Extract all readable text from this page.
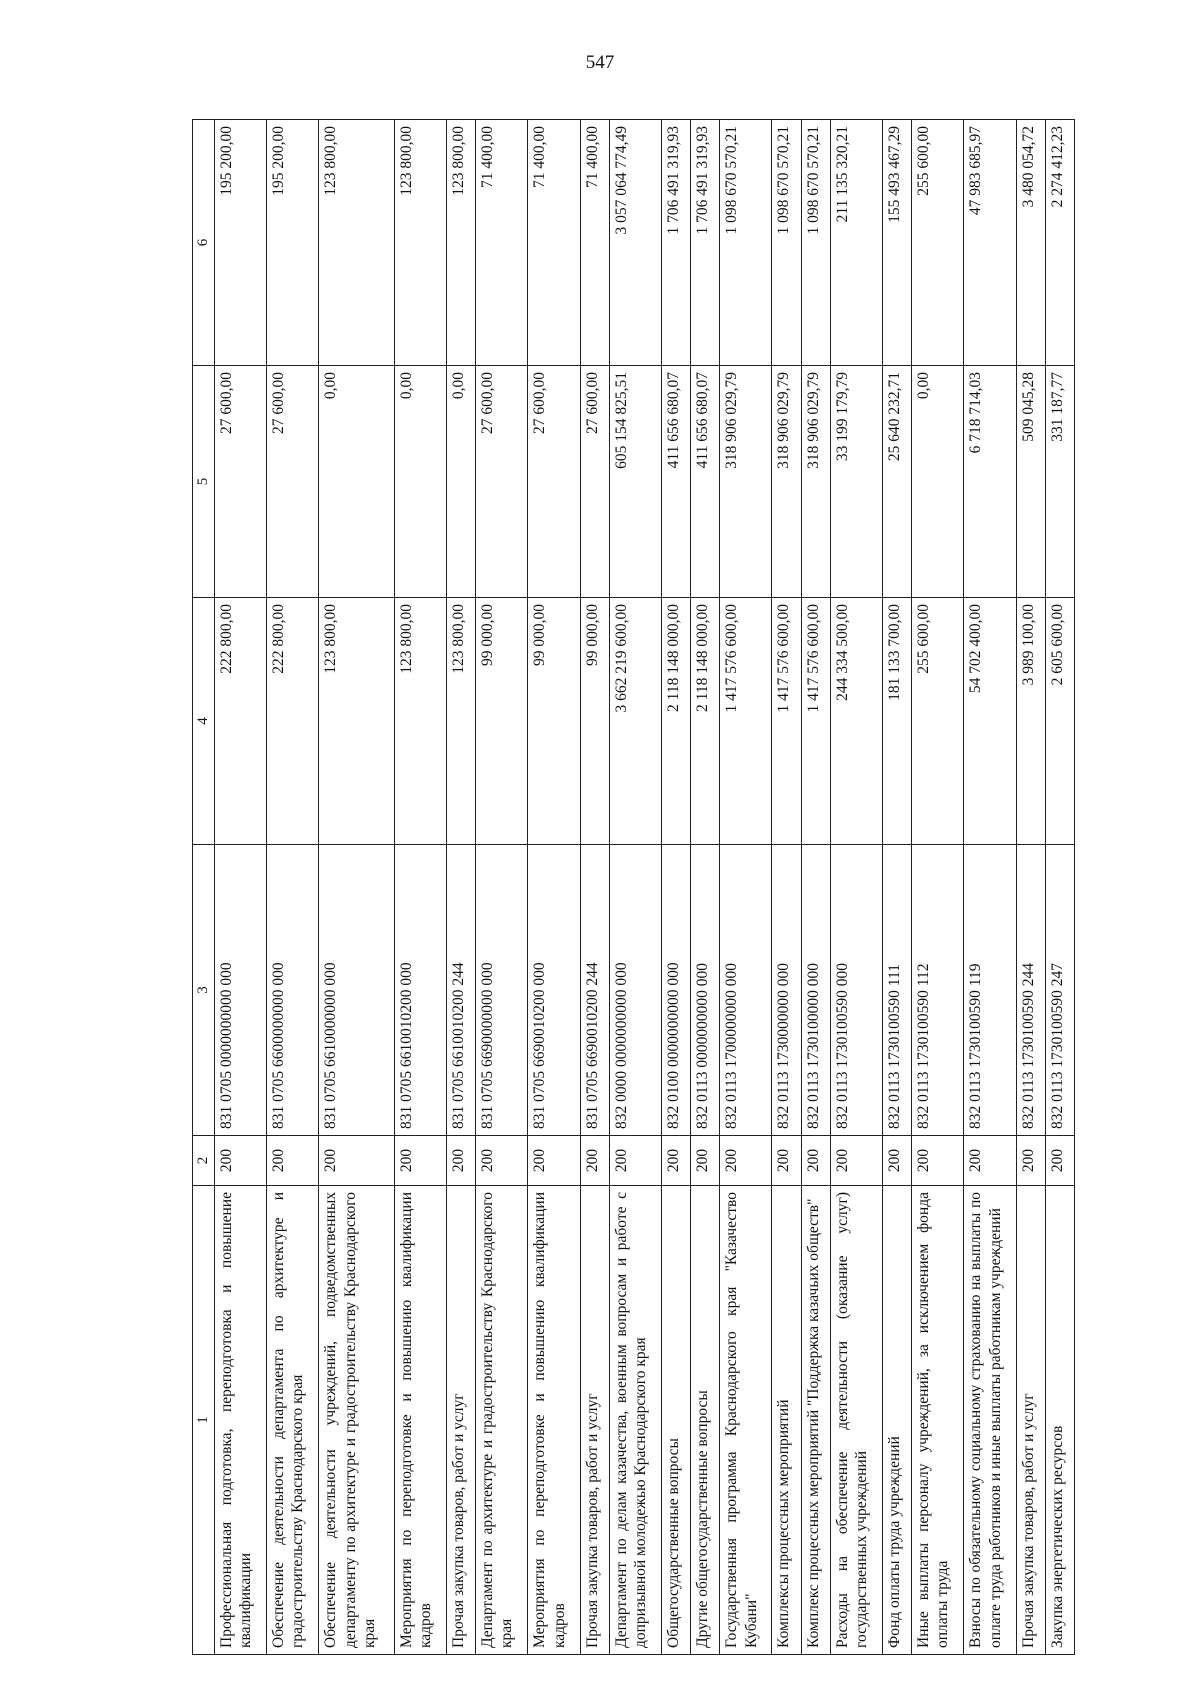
547
1	2	3	4	5	6
Профессиональная подготовка, переподготовка и повышение квалификации	200	831 0705 0000000000 000	222 800,00	27 600,00	195 200,00
Обеспечение деятельности департамента по архитектуре и градостроительству Краснодарского края	200	831 0705 6600000000 000	222 800,00	27 600,00	195 200,00
Обеспечение деятельности учреждений, подведомственных департаменту по архитектуре и градостроительству Краснодарского края	200	831 0705 6610000000 000	123 800,00	0,00	123 800,00
Мероприятия по переподготовке и повышению квалификации кадров	200	831 0705 6610010200 000	123 800,00	0,00	123 800,00
Прочая закупка товаров, работ и услуг	200	831 0705 6610010200 244	123 800,00	0,00	123 800,00
Департамент по архитектуре и градостроительству Краснодарского края	200	831 0705 6690000000 000	99 000,00	27 600,00	71 400,00
Мероприятия по переподготовке и повышению квалификации кадров	200	831 0705 6690010200 000	99 000,00	27 600,00	71 400,00
Прочая закупка товаров, работ и услуг	200	831 0705 6690010200 244	99 000,00	27 600,00	71 400,00
Департамент по делам казачества, военным вопросам и работе с допризывной молодежью Краснодарского края	200	832 0000 0000000000 000	3 662 219 600,00	605 154 825,51	3 057 064 774,49
Общегосударственные вопросы	200	832 0100 0000000000 000	2 118 148 000,00	411 656 680,07	1 706 491 319,93
Другие общегосударственные вопросы	200	832 0113 0000000000 000	2 118 148 000,00	411 656 680,07	1 706 491 319,93
Государственная программа Краснодарского края "Казачество Кубани"	200	832 0113 1700000000 000	1 417 576 600,00	318 906 029,79	1 098 670 570,21
Комплексы процессных мероприятий	200	832 0113 1730000000 000	1 417 576 600,00	318 906 029,79	1 098 670 570,21
Комплекс процессных мероприятий "Поддержка казачьих обществ"	200	832 0113 1730100000 000	1 417 576 600,00	318 906 029,79	1 098 670 570,21
Расходы на обеспечение деятельности (оказание услуг) государственных учреждений	200	832 0113 1730100590 000	244 334 500,00	33 199 179,79	211 135 320,21
Фонд оплаты труда учреждений	200	832 0113 1730100590 111	181 133 700,00	25 640 232,71	155 493 467,29
Иные выплаты персоналу учреждений, за исключением фонда оплаты труда	200	832 0113 1730100590 112	255 600,00	0,00	255 600,00
Взносы по обязательному социальному страхованию на выплаты по оплате труда работников и иные выплаты работникам учреждений	200	832 0113 1730100590 119	54 702 400,00	6 718 714,03	47 983 685,97
Прочая закупка товаров, работ и услуг	200	832 0113 1730100590 244	3 989 100,00	509 045,28	3 480 054,72
Закупка энергетических ресурсов	200	832 0113 1730100590 247	2 605 600,00	331 187,77	2 274 412,23
